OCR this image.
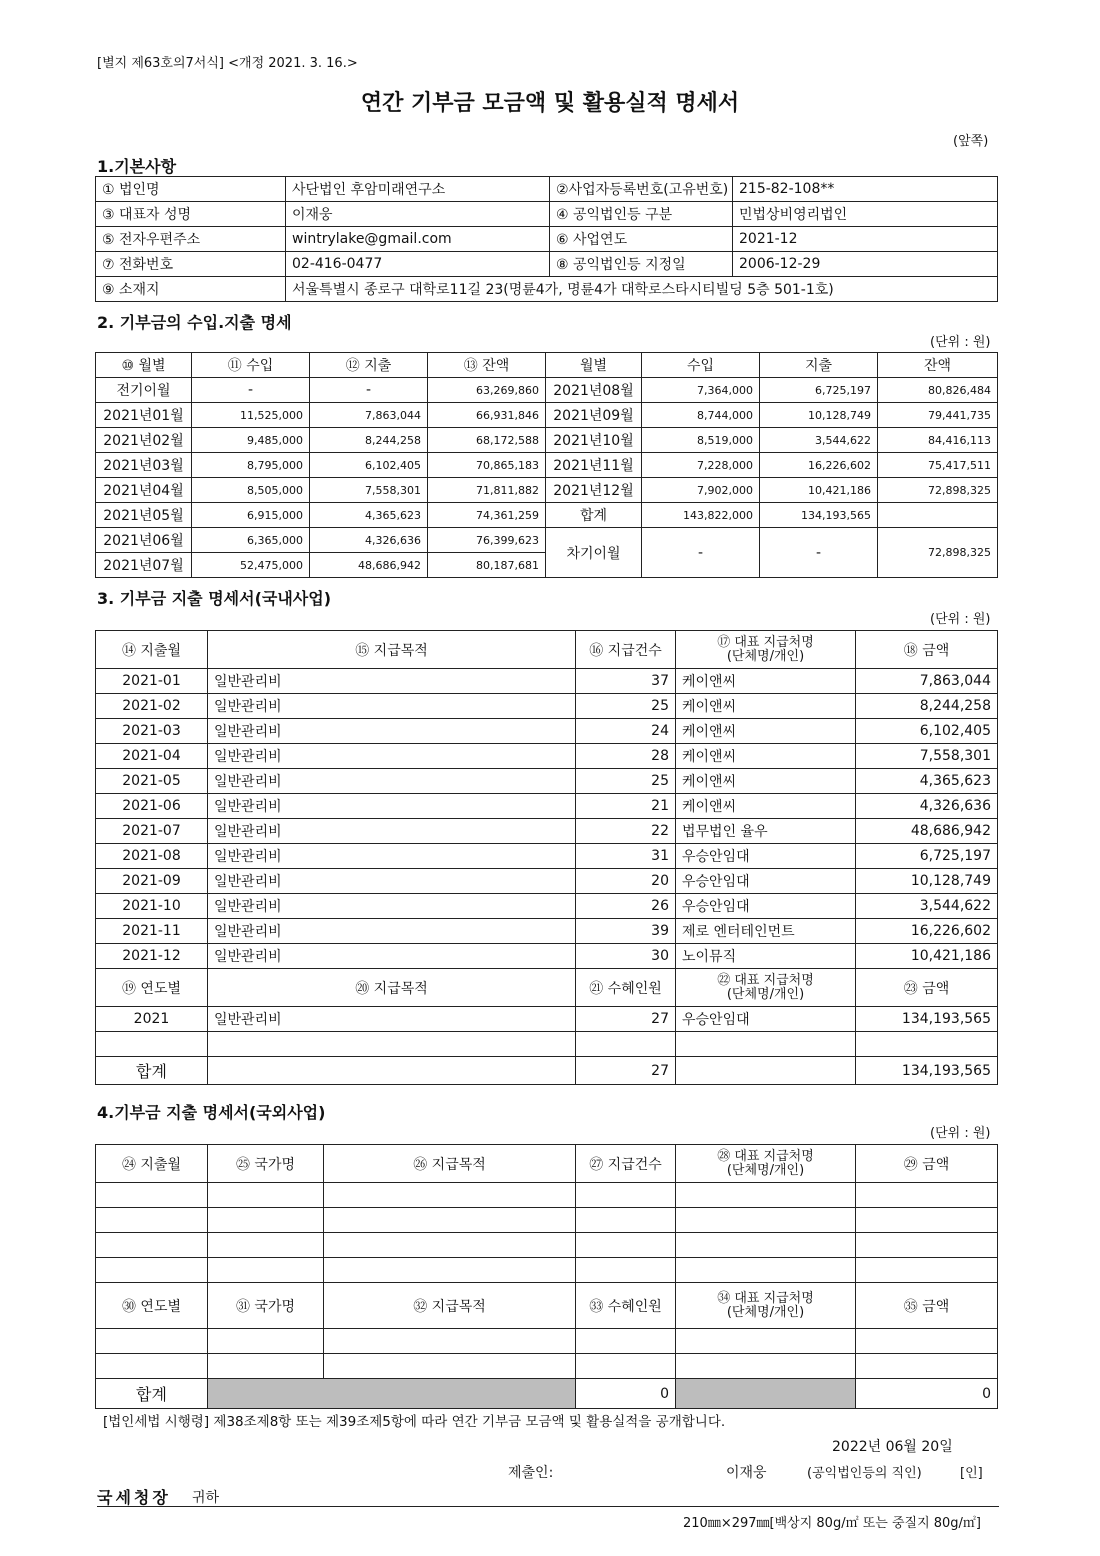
[별지 제63호의7서식] <개정 2021. 3. 16.>
연간 기부금 모금액 및 활용실적 명세서
(앞쪽)
1.기본사항
① 법인명	사단법인 후암미래연구소	②사업자등록번호(고유번호)	215-82-108**
③ 대표자 성명	이재웅	④ 공익법인등 구분	민법상비영리법인
⑤ 전자우편주소	wintrylake@gmail.com	⑥ 사업연도	2021-12
⑦ 전화번호	02-416-0477	⑧ 공익법인등 지정일	2006-12-29
⑨ 소재지	서울특별시 종로구 대학로11길 23(명륜4가, 명륜4가 대학로스타시티빌딩 5층 501-1호)		
2. 기부금의 수입.지출 명세
(단위 : 원)
⑩ 월별	⑪ 수입	⑫ 지출	⑬ 잔액	월별	수입	지출	잔액
전기이월	-	-	63,269,860	2021년08월	7,364,000	6,725,197	80,826,484
2021년01월	11,525,000	7,863,044	66,931,846	2021년09월	8,744,000	10,128,749	79,441,735
2021년02월	9,485,000	8,244,258	68,172,588	2021년10월	8,519,000	3,544,622	84,416,113
2021년03월	8,795,000	6,102,405	70,865,183	2021년11월	7,228,000	16,226,602	75,417,511
2021년04월	8,505,000	7,558,301	71,811,882	2021년12월	7,902,000	10,421,186	72,898,325
2021년05월	6,915,000	4,365,623	74,361,259	합계	143,822,000	134,193,565	
2021년06월	6,365,000	4,326,636	76,399,623	차기이월	-	-	72,898,325
2021년07월	52,475,000	48,686,942	80,187,681				
3. 기부금 지출 명세서(국내사업)
(단위 : 원)
⑭ 지출월	⑮ 지급목적	⑯ 지급건수	⑰ 대표 지급처명
(단체명/개인)	⑱ 금액
2021-01	일반관리비	37	케이앤씨	7,863,044
2021-02	일반관리비	25	케이앤씨	8,244,258
2021-03	일반관리비	24	케이앤씨	6,102,405
2021-04	일반관리비	28	케이앤씨	7,558,301
2021-05	일반관리비	25	케이앤씨	4,365,623
2021-06	일반관리비	21	케이앤씨	4,326,636
2021-07	일반관리비	22	법무법인 율우	48,686,942
2021-08	일반관리비	31	우승안임대	6,725,197
2021-09	일반관리비	20	우승안임대	10,128,749
2021-10	일반관리비	26	우승안임대	3,544,622
2021-11	일반관리비	39	제로 엔터테인먼트	16,226,602
2021-12	일반관리비	30	노이뮤직	10,421,186
⑲ 연도별	⑳ 지급목적	㉑ 수혜인원	㉒ 대표 지급처명
(단체명/개인)	㉓ 금액
2021	일반관리비	27	우승안임대	134,193,565

합계		27		134,193,565
4.기부금 지출 명세서(국외사업)
(단위 : 원)
㉔ 지출월	㉕ 국가명	㉖ 지급목적	㉗ 지급건수	㉘ 대표 지급처명
(단체명/개인)	㉙ 금액

㉚ 연도별	㉛ 국가명	㉜ 지급목적	㉝ 수혜인원	㉞ 대표 지급처명
(단체명/개인)	㉟ 금액

합계			0		0
[법인세법 시행령] 제38조제8항 또는 제39조제5항에 따라 연간 기부금 모금액 및 활용실적을 공개합니다.
2022년 06월 20일
제출인:	이재웅	(공익법인등의 직인)	[인]
국세청장 귀하
210㎜×297㎜[백상지 80g/㎡ 또는 중질지 80g/㎡]
